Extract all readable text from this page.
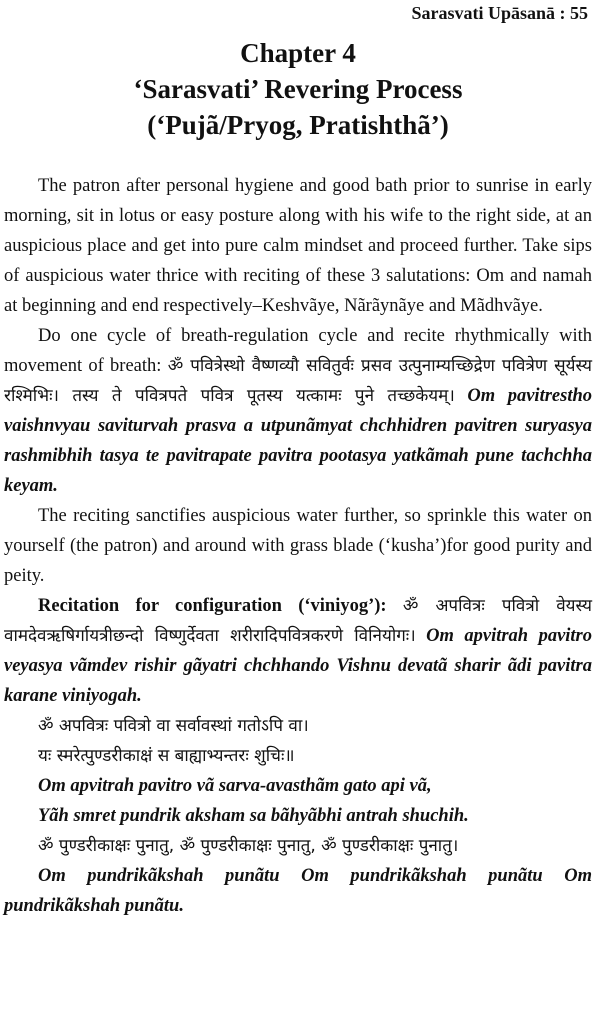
Sarasvati Upāsanā : 55
Chapter 4
‘Sarasvati’ Revering Process
(‘Pujã/Pryog, Pratishthã’)

The patron after personal hygiene and good bath prior to sunrise in early morning, sit in lotus or easy posture along with his wife to the right side, at an auspicious place and get into pure calm mindset and proceed further. Take sips of auspicious water thrice with reciting of these 3 salutations: Om and namah at beginning and end respectively–Keshvãye, Nãrãynãye and Mãdhvãye.

Do one cycle of breath-regulation cycle and recite rhythmically with movement of breath: ॐ पवित्रेस्थो वैष्णव्यौ सवितुर्वः प्रसव उत्पुनाम्यच्छिद्रेण पवित्रेण सूर्यस्य रश्मिभिः। तस्य ते पवित्रपते पवित्र पूतस्य यत्कामः पुने तच्छकेयम्। Om pavitrestho vaishnvyau saviturvah prasva a utpunãmyat chchhidren pavitren suryasya rashmibhih tasya te pavitrapate pavitra pootasya yatkãmah pune tachchha keyam.

The reciting sanctifies auspicious water further, so sprinkle this water on yourself (the patron) and around with grass blade (‘kusha’)for good purity and peity.

Recitation for configuration (‘viniyog’): ॐ अपवित्रः पवित्रो वेयस्य वामदेवऋषिर्गायत्रीछन्दो विष्णुर्देवता शरीरादिपवित्रकरणे विनियोगः। Om apvitrah pavitro veyasya vãmdev rishir gãyatri chchhando Vishnu devatã sharir ãdi pavitra karane viniyogah.

ॐ अपवित्रः पवित्रो वा सर्वावस्थां गतोऽपि वा।

यः स्मरेत्पुण्डरीकाक्षं स बाह्याभ्यन्तरः शुचिः॥

Om apvitrah pavitro vã sarva-avasthãm gato api vã,

Yãh smret pundrik aksham sa bãhyãbhi antrah shuchih.

ॐ पुण्डरीकाक्षः पुनातु, ॐ पुण्डरीकाक्षः पुनातु, ॐ पुण्डरीकाक्षः पुनातु।

Om pundrikãkshah punãtu Om pundrikãkshah punãtu Om pundrikãkshah punãtu.
